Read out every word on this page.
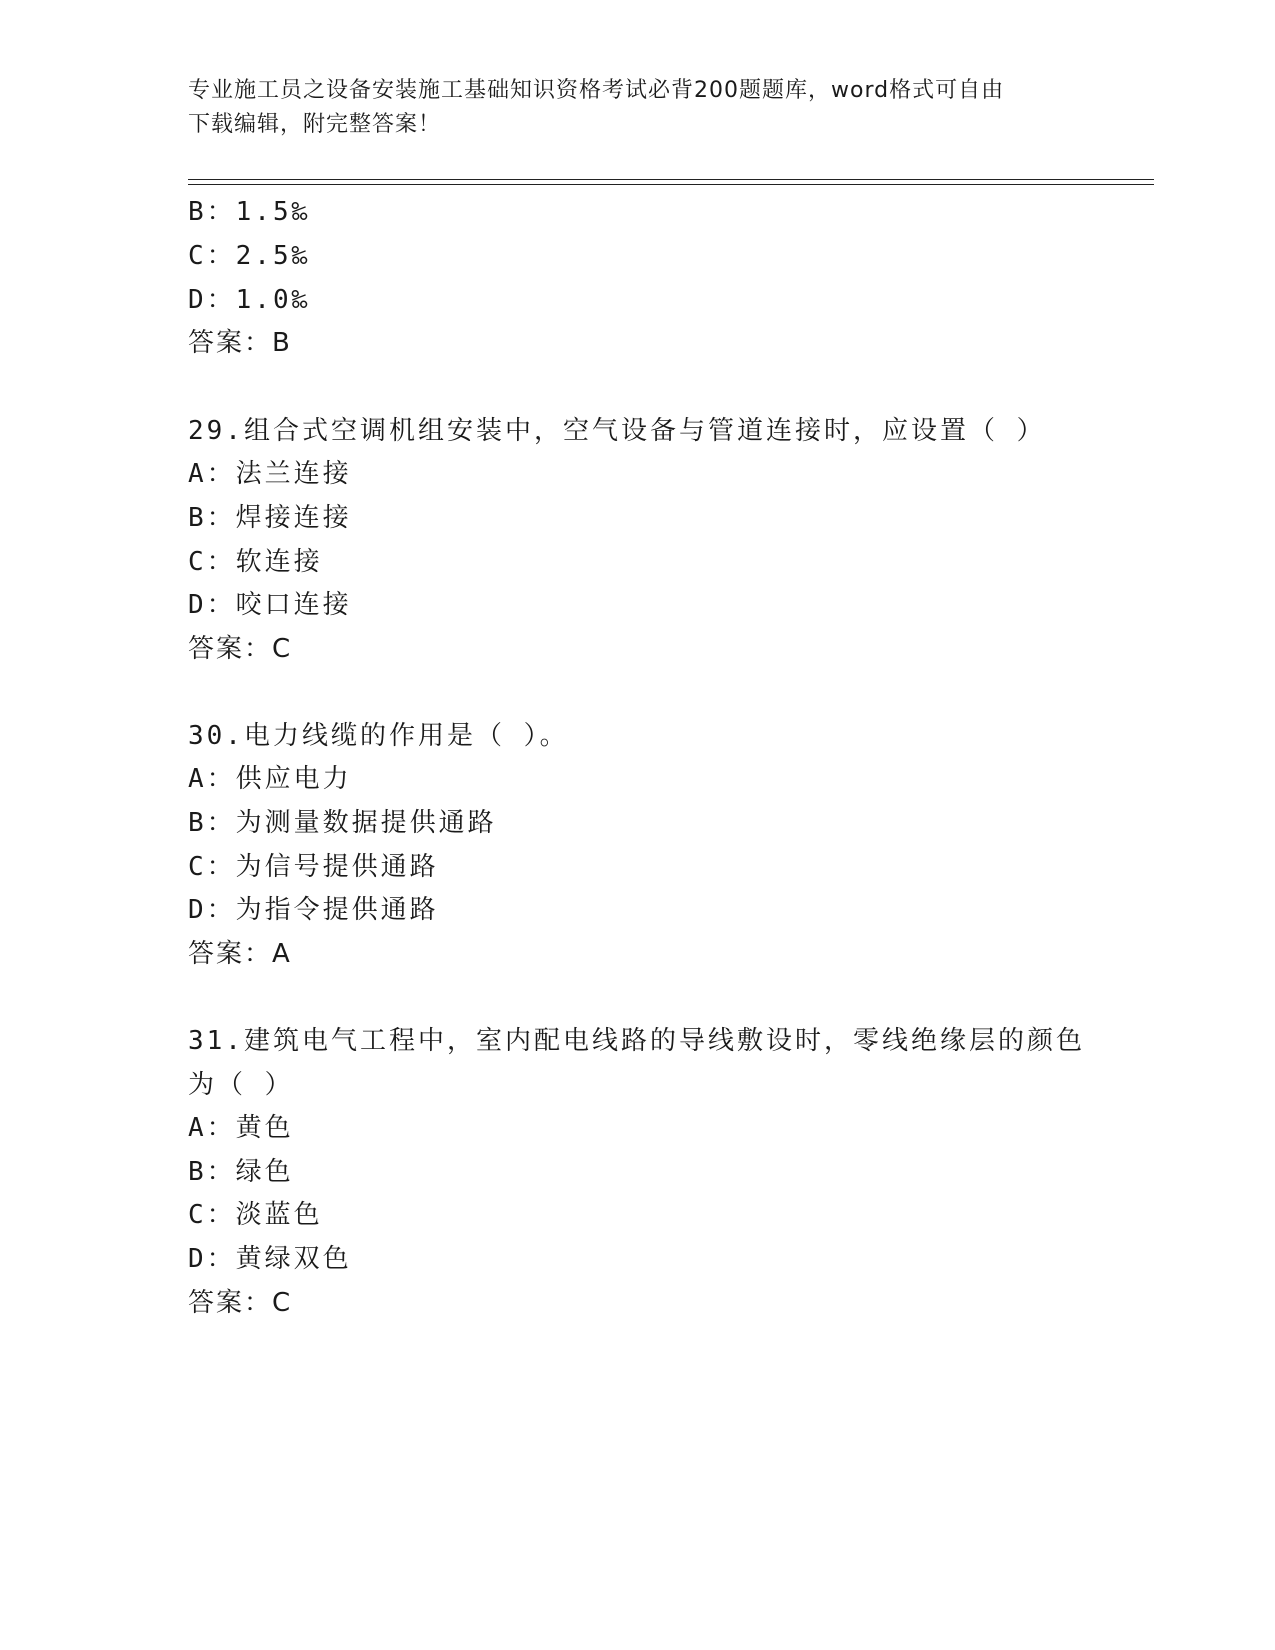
专业施工员之设备安装施工基础知识资格考试必背200题题库，word格式可自由
下载编辑，附完整答案！
B：1.5‰
C：2.5‰
D：1.0‰
答案：B
29.组合式空调机组安装中，空气设备与管道连接时，应设置（ ）
A：法兰连接
B：焊接连接
C：软连接
D：咬口连接
答案：C
30.电力线缆的作用是（ ）。
A：供应电力
B：为测量数据提供通路
C：为信号提供通路
D：为指令提供通路
答案：A
31.建筑电气工程中，室内配电线路的导线敷设时，零线绝缘层的颜色
为（ ）
A：黄色
B：绿色
C：淡蓝色
D：黄绿双色
答案：C
